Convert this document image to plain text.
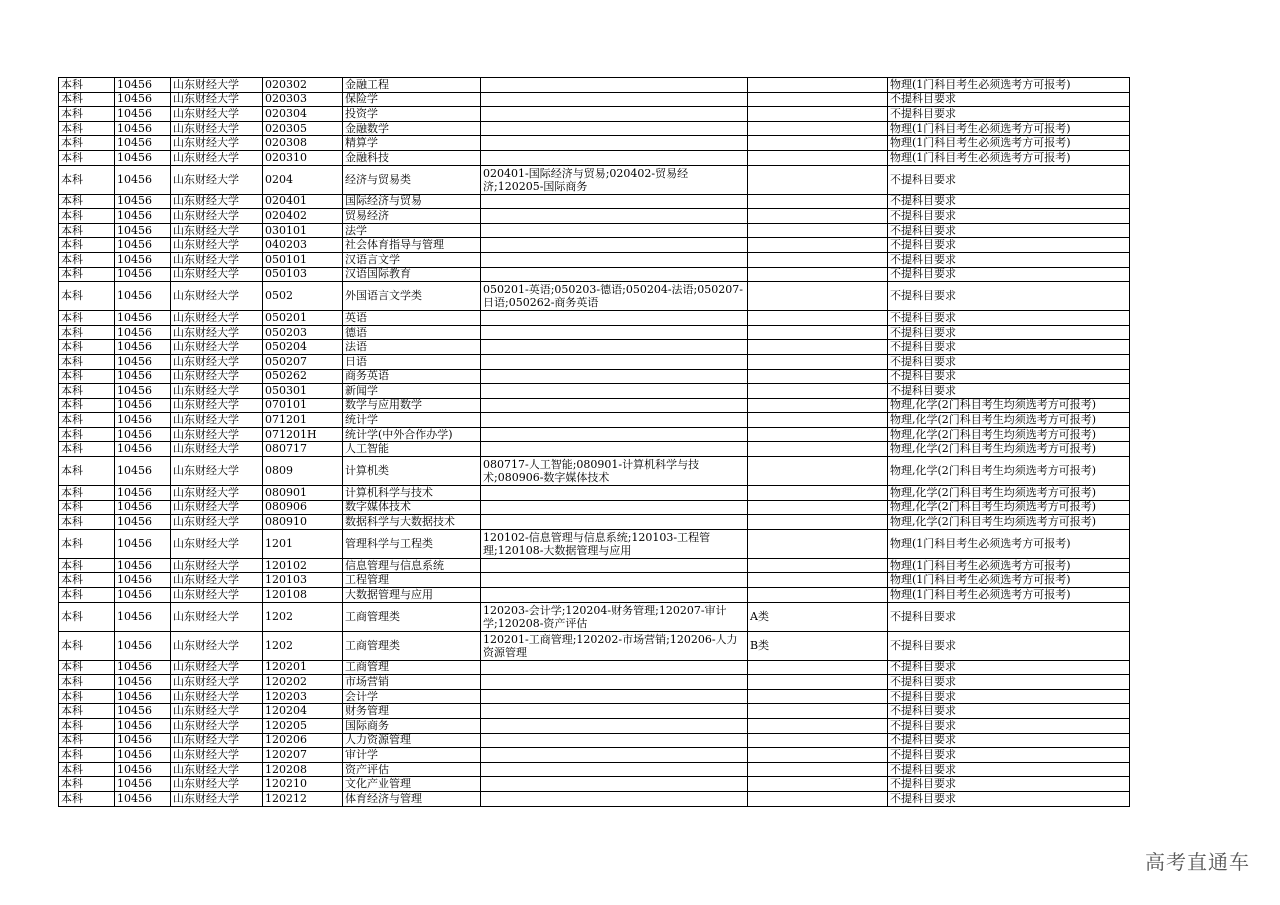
本科	10456	山东财经大学	020302	金融工程			物理(1门科目考生必须选考方可报考)
本科	10456	山东财经大学	020303	保险学			不提科目要求
本科	10456	山东财经大学	020304	投资学			不提科目要求
本科	10456	山东财经大学	020305	金融数学			物理(1门科目考生必须选考方可报考)
本科	10456	山东财经大学	020308	精算学			物理(1门科目考生必须选考方可报考)
本科	10456	山东财经大学	020310	金融科技			物理(1门科目考生必须选考方可报考)
本科	10456	山东财经大学	0204	经济与贸易类	020401-国际经济与贸易;020402-贸易经济;120205-国际商务		不提科目要求
本科	10456	山东财经大学	020401	国际经济与贸易			不提科目要求
本科	10456	山东财经大学	020402	贸易经济			不提科目要求
本科	10456	山东财经大学	030101	法学			不提科目要求
本科	10456	山东财经大学	040203	社会体育指导与管理			不提科目要求
本科	10456	山东财经大学	050101	汉语言文学			不提科目要求
本科	10456	山东财经大学	050103	汉语国际教育			不提科目要求
本科	10456	山东财经大学	0502	外国语言文学类	050201-英语;050203-德语;050204-法语;050207-日语;050262-商务英语		不提科目要求
本科	10456	山东财经大学	050201	英语			不提科目要求
本科	10456	山东财经大学	050203	德语			不提科目要求
本科	10456	山东财经大学	050204	法语			不提科目要求
本科	10456	山东财经大学	050207	日语			不提科目要求
本科	10456	山东财经大学	050262	商务英语			不提科目要求
本科	10456	山东财经大学	050301	新闻学			不提科目要求
本科	10456	山东财经大学	070101	数学与应用数学			物理,化学(2门科目考生均须选考方可报考)
本科	10456	山东财经大学	071201	统计学			物理,化学(2门科目考生均须选考方可报考)
本科	10456	山东财经大学	071201H	统计学(中外合作办学)			物理,化学(2门科目考生均须选考方可报考)
本科	10456	山东财经大学	080717	人工智能			物理,化学(2门科目考生均须选考方可报考)
本科	10456	山东财经大学	0809	计算机类	080717-人工智能;080901-计算机科学与技术;080906-数字媒体技术		物理,化学(2门科目考生均须选考方可报考)
本科	10456	山东财经大学	080901	计算机科学与技术			物理,化学(2门科目考生均须选考方可报考)
本科	10456	山东财经大学	080906	数字媒体技术			物理,化学(2门科目考生均须选考方可报考)
本科	10456	山东财经大学	080910	数据科学与大数据技术			物理,化学(2门科目考生均须选考方可报考)
本科	10456	山东财经大学	1201	管理科学与工程类	120102-信息管理与信息系统;120103-工程管理;120108-大数据管理与应用		物理(1门科目考生必须选考方可报考)
本科	10456	山东财经大学	120102	信息管理与信息系统			物理(1门科目考生必须选考方可报考)
本科	10456	山东财经大学	120103	工程管理			物理(1门科目考生必须选考方可报考)
本科	10456	山东财经大学	120108	大数据管理与应用			物理(1门科目考生必须选考方可报考)
本科	10456	山东财经大学	1202	工商管理类	120203-会计学;120204-财务管理;120207-审计学;120208-资产评估	A类	不提科目要求
本科	10456	山东财经大学	1202	工商管理类	120201-工商管理;120202-市场营销;120206-人力资源管理	B类	不提科目要求
本科	10456	山东财经大学	120201	工商管理			不提科目要求
本科	10456	山东财经大学	120202	市场营销			不提科目要求
本科	10456	山东财经大学	120203	会计学			不提科目要求
本科	10456	山东财经大学	120204	财务管理			不提科目要求
本科	10456	山东财经大学	120205	国际商务			不提科目要求
本科	10456	山东财经大学	120206	人力资源管理			不提科目要求
本科	10456	山东财经大学	120207	审计学			不提科目要求
本科	10456	山东财经大学	120208	资产评估			不提科目要求
本科	10456	山东财经大学	120210	文化产业管理			不提科目要求
本科	10456	山东财经大学	120212	体育经济与管理			不提科目要求
高考直通车
